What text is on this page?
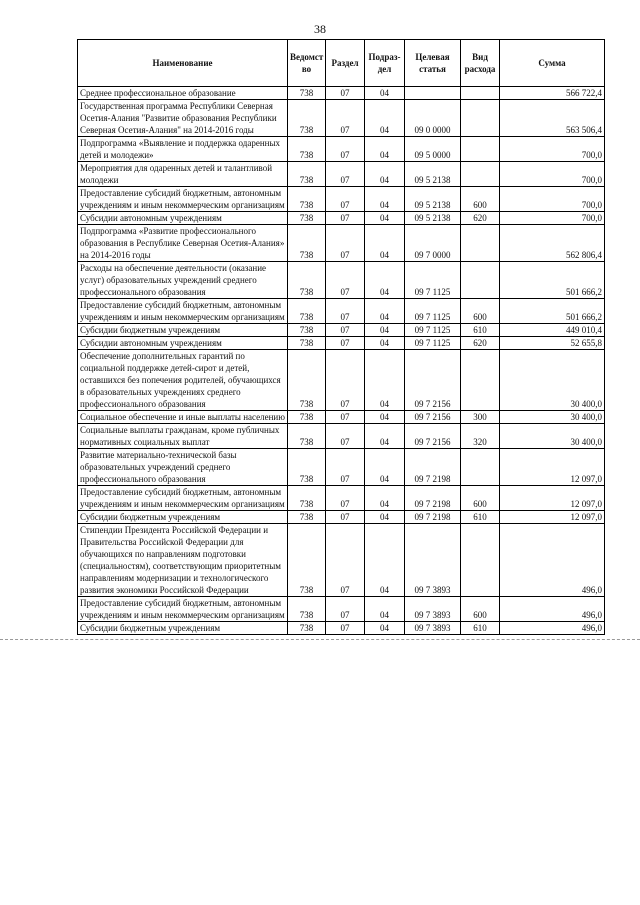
38
Наименование	Ведомст во	Раздел	Подраз- дел	Целевая статья	Вид расхода	Сумма
Среднее профессиональное образование	738	07	04			566 722,4
Государственная программа Республики Северная Осетия-Алания "Развитие образования Республики Северная Осетия-Алания" на 2014-2016 годы	738	07	04	09 0 0000		563 506,4
Подпрограмма «Выявление и поддержка одаренных детей и молодежи»	738	07	04	09 5 0000		700,0
Мероприятия для одаренных детей и талантливой молодежи	738	07	04	09 5 2138		700,0
Предоставление субсидий бюджетным, автономным учреждениям и иным некоммерческим организациям	738	07	04	09 5 2138	600	700,0
Субсидии автономным учреждениям	738	07	04	09 5 2138	620	700,0
Подпрограмма «Развитие профессионального образования в Республике Северная Осетия-Алания» на 2014-2016 годы	738	07	04	09 7 0000		562 806,4
Расходы на обеспечение деятельности (оказание услуг) образовательных учреждений среднего профессионального образования	738	07	04	09 7 1125		501 666,2
Предоставление субсидий бюджетным, автономным учреждениям и иным некоммерческим организациям	738	07	04	09 7 1125	600	501 666,2
Субсидии бюджетным учреждениям	738	07	04	09 7 1125	610	449 010,4
Субсидии автономным учреждениям	738	07	04	09 7 1125	620	52 655,8
Обеспечение дополнительных гарантий по социальной поддержке детей-сирот и детей, оставшихся без попечения родителей, обучающихся в образовательных учреждениях среднего профессионального образования	738	07	04	09 7 2156		30 400,0
Социальное обеспечение и иные выплаты населению	738	07	04	09 7 2156	300	30 400,0
Социальные выплаты гражданам, кроме публичных нормативных социальных выплат	738	07	04	09 7 2156	320	30 400,0
Развитие материально-технической базы образовательных учреждений среднего профессионального образования	738	07	04	09 7 2198		12 097,0
Предоставление субсидий бюджетным, автономным учреждениям и иным некоммерческим организациям	738	07	04	09 7 2198	600	12 097,0
Субсидии бюджетным учреждениям	738	07	04	09 7 2198	610	12 097,0
Стипендии Президента Российской Федерации и Правительства Российской Федерации для обучающихся по направлениям подготовки (специальностям), соответствующим приоритетным направлениям модернизации и технологического развития экономики Российской Федерации	738	07	04	09 7 3893		496,0
Предоставление субсидий бюджетным, автономным учреждениям и иным некоммерческим организациям	738	07	04	09 7 3893	600	496,0
Субсидии бюджетным учреждениям	738	07	04	09 7 3893	610	496,0
